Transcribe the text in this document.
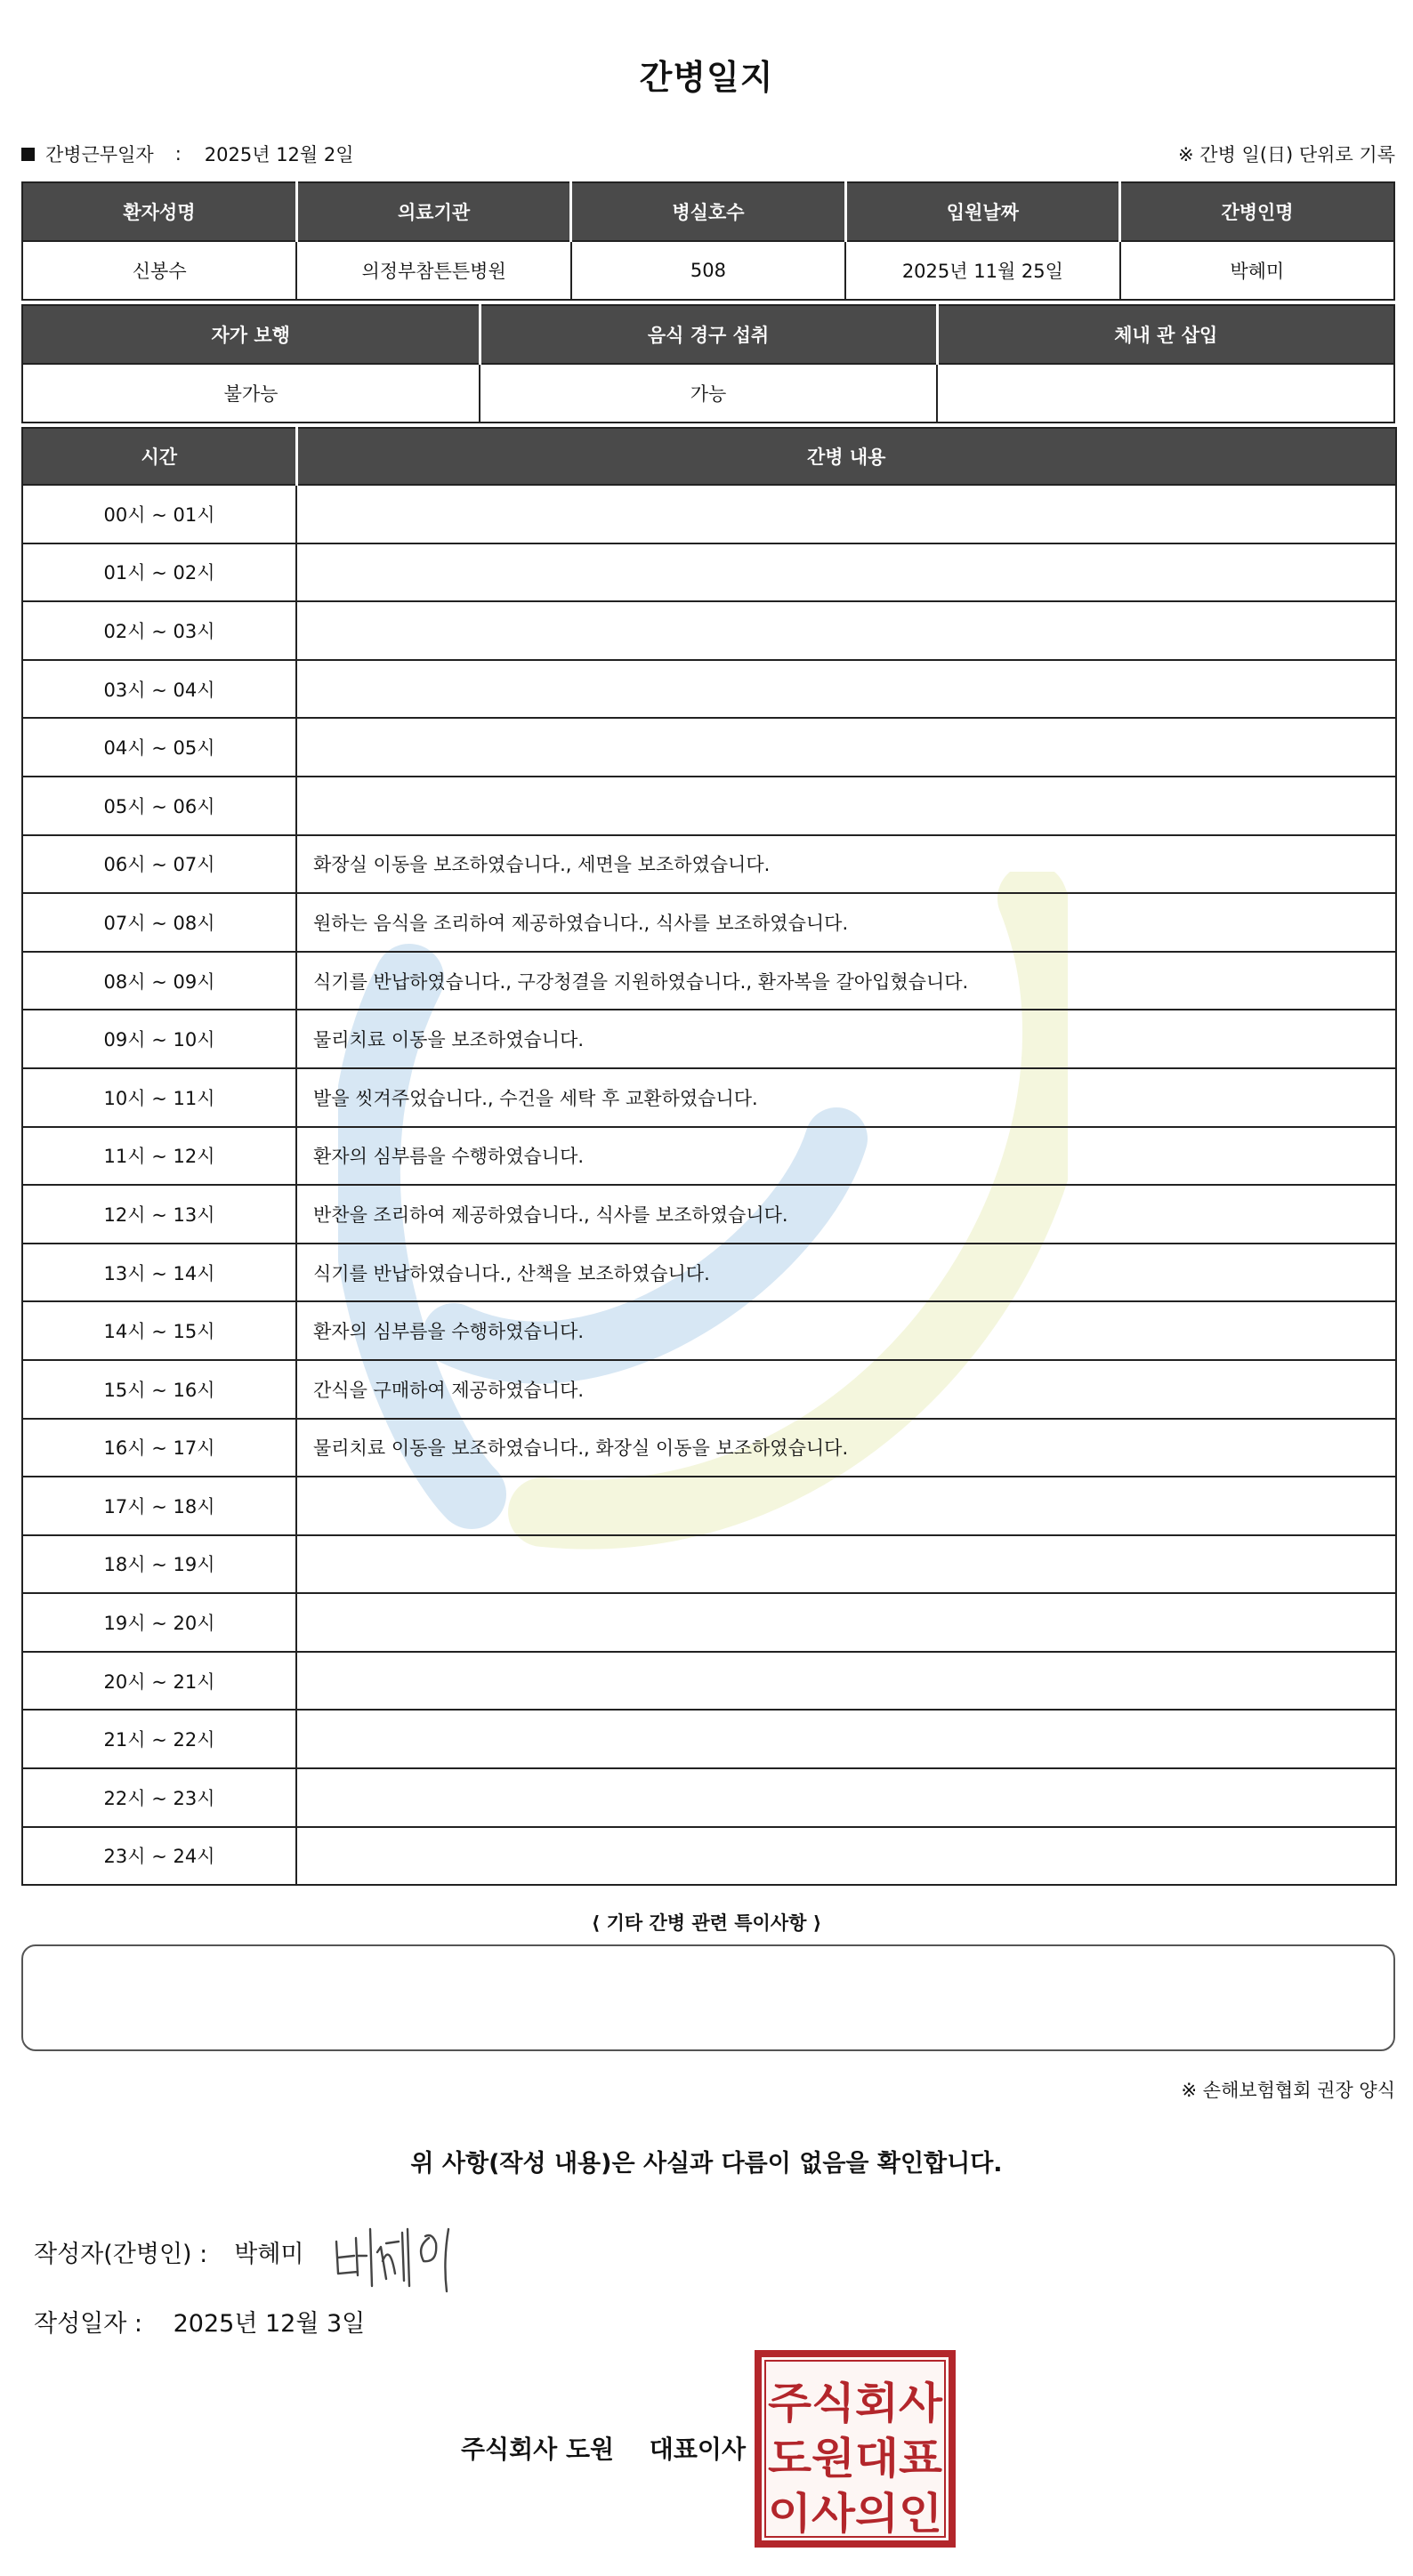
간병일지
간병근무일자 : 2025년 12월 2일	※ 간병 일(日) 단위로 기록
환자성명	의료기관	병실호수	입원날짜	간병인명
신봉수	의정부참튼튼병원	508	2025년 11월 25일	박혜미
자가 보행	음식 경구 섭취	체내 관 삽입
불가능	가능	
시간	간병 내용
00시 ~ 01시	
01시 ~ 02시	
02시 ~ 03시	
03시 ~ 04시	
04시 ~ 05시	
05시 ~ 06시	
06시 ~ 07시	화장실 이동을 보조하였습니다., 세면을 보조하였습니다.
07시 ~ 08시	원하는 음식을 조리하여 제공하였습니다., 식사를 보조하였습니다.
08시 ~ 09시	식기를 반납하였습니다., 구강청결을 지원하였습니다., 환자복을 갈아입혔습니다.
09시 ~ 10시	물리치료 이동을 보조하였습니다.
10시 ~ 11시	발을 씻겨주었습니다., 수건을 세탁 후 교환하였습니다.
11시 ~ 12시	환자의 심부름을 수행하였습니다.
12시 ~ 13시	반찬을 조리하여 제공하였습니다., 식사를 보조하였습니다.
13시 ~ 14시	식기를 반납하였습니다., 산책을 보조하였습니다.
14시 ~ 15시	환자의 심부름을 수행하였습니다.
15시 ~ 16시	간식을 구매하여 제공하였습니다.
16시 ~ 17시	물리치료 이동을 보조하였습니다., 화장실 이동을 보조하였습니다.
17시 ~ 18시	
18시 ~ 19시	
19시 ~ 20시	
20시 ~ 21시	
21시 ~ 22시	
22시 ~ 23시	
23시 ~ 24시	
⟨ 기타 간병 관련 특이사항 ⟩
※ 손해보험협회 권장 양식
위 사항(작성 내용)은 사실과 다름이 없음을 확인합니다.
작성자(간병인) : 박혜미
작성일자 : 2025년 12월 3일
주식회사 도원 대표이사
주식회사
도원대표
이사의인
